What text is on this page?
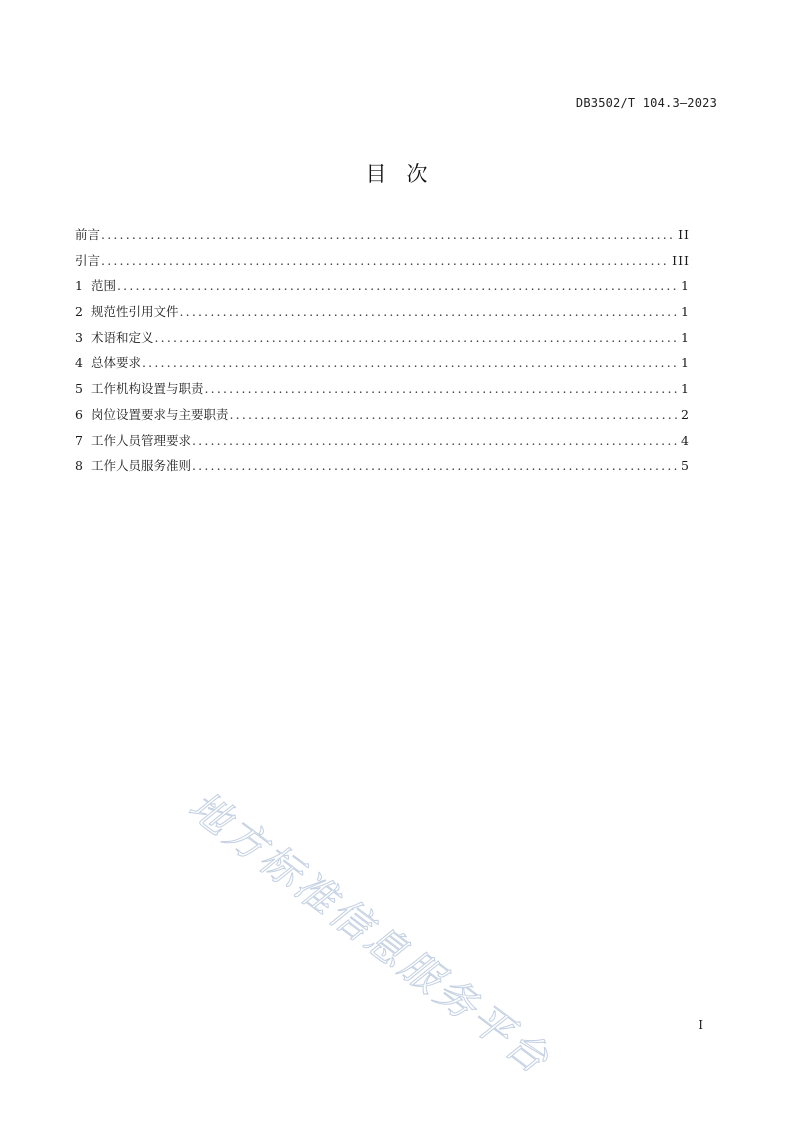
DB3502/T 104.3—2023
目次
前言 .....	II
引言 .....	III
1 范围 .....	1
2 规范性引用文件 .....	1
3 术语和定义 .....	1
4 总体要求 .....	1
5 工作机构设置与职责 .....	1
6 岗位设置要求与主要职责 .....	2
7 工作人员管理要求 .....	4
8 工作人员服务准则 .....	5
地方标准信息服务平台	I
